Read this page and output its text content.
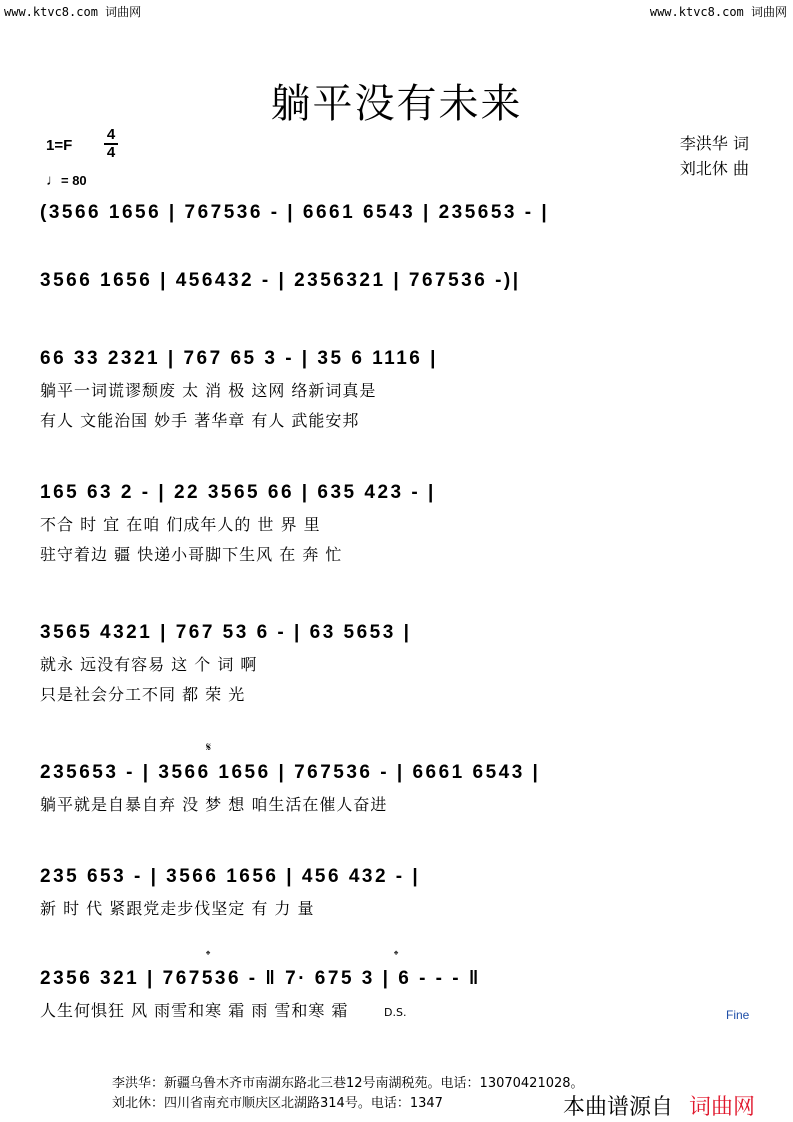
www.ktvc8.com 词曲网	www.ktvc8.com 词曲网
躺平没有未来
1=F
4
4
♩= 80
李洪华 词
刘北休 曲
(3566 1656 | 767536 - | 6661 6543 | 235653 - |
3566 1656 | 456432 - | 2356321 | 767536 -)|
66 33 2321 | 767 65 3 - | 35 6 1116 |
躺平一词谎谬颓废 太 消 极 这网 络新词真是
有人 文能治国 妙手 著华章 有人 武能安邦
165 63 2 - | 22 3565 66 | 635 423 - |
不合 时 宜 在咱 们成年人的 世 界 里
驻守着边 疆 快递小哥脚下生风 在 奔 忙
3565 4321 | 767 53 6 - | 63 5653 |
就永 远没有容易 这 个 词 啊
只是社会分工不同 都 荣 光
𝄋
235653 - | 3566 1656 | 767536 - | 6661 6543 |
躺平就是自暴自弃 没 梦 想 咱生活在催人奋进
235 653 - | 3566 1656 | 456 432 - |
新 时 代 紧跟党走步伐坚定 有 力 量
𝄌	𝄌
2356 321 | 767536 - ‖ 7· 675 3 | 6 - - - ‖
人生何惧狂 风 雨雪和寒 霜 雨 雪和寒 霜	D.S.	Fine
李洪华：新疆乌鲁木齐市南湖东路北三巷12号南湖税苑。电话：13070421028。
刘北休：四川省南充市顺庆区北湖路314号。电话：1347	本曲谱源自 词曲网
